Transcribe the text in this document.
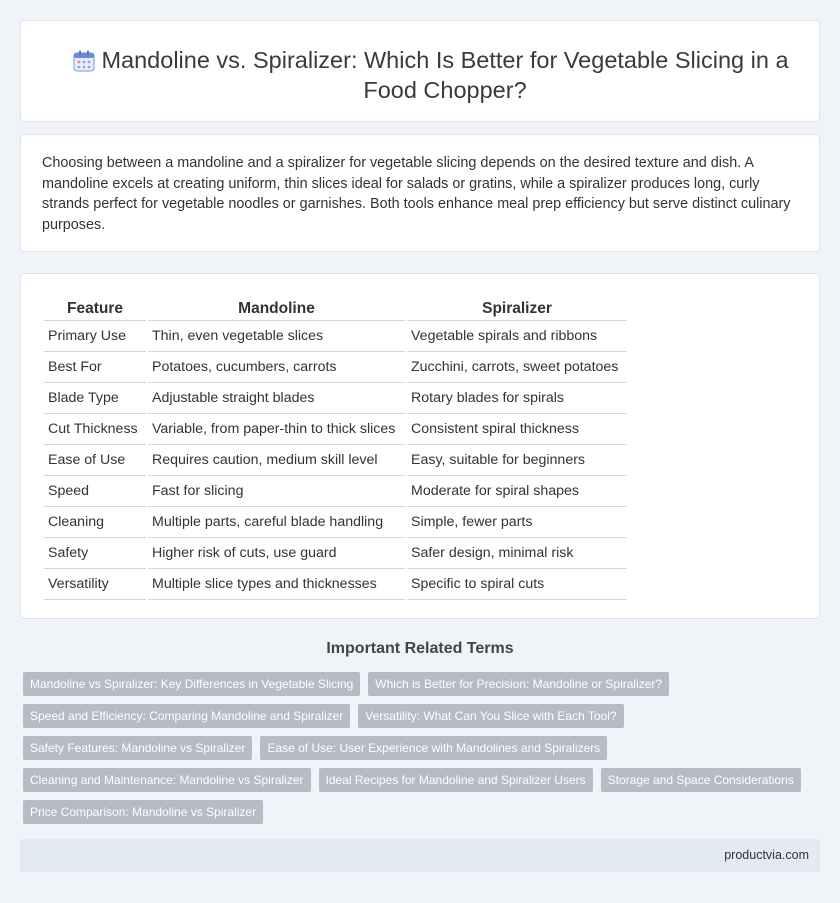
Mandoline vs. Spiralizer: Which Is Better for Vegetable Slicing in a Food Chopper?

Choosing between a mandoline and a spiralizer for vegetable slicing depends on the desired texture and dish. A mandoline excels at creating uniform, thin slices ideal for salads or gratins, while a spiralizer produces long, curly strands perfect for vegetable noodles or garnishes. Both tools enhance meal prep efficiency but serve distinct culinary purposes.

Feature	Mandoline	Spiralizer
Primary Use	Thin, even vegetable slices	Vegetable spirals and ribbons
Best For	Potatoes, cucumbers, carrots	Zucchini, carrots, sweet potatoes
Blade Type	Adjustable straight blades	Rotary blades for spirals
Cut Thickness	Variable, from paper-thin to thick slices	Consistent spiral thickness
Ease of Use	Requires caution, medium skill level	Easy, suitable for beginners
Speed	Fast for slicing	Moderate for spiral shapes
Cleaning	Multiple parts, careful blade handling	Simple, fewer parts
Safety	Higher risk of cuts, use guard	Safer design, minimal risk
Versatility	Multiple slice types and thicknesses	Specific to spiral cuts
Important Related Terms
Mandoline vs Spiralizer: Key Differences in Vegetable Slicing	Which is Better for Precision: Mandoline or Spiralizer?
Speed and Efficiency: Comparing Mandoline and Spiralizer	Versatility: What Can You Slice with Each Tool?
Safety Features: Mandoline vs Spiralizer	Ease of Use: User Experience with Mandolines and Spiralizers
Cleaning and Maintenance: Mandoline vs Spiralizer	Ideal Recipes for Mandoline and Spiralizer Users	Storage and Space Considerations
Price Comparison: Mandoline vs Spiralizer
productvia.com
